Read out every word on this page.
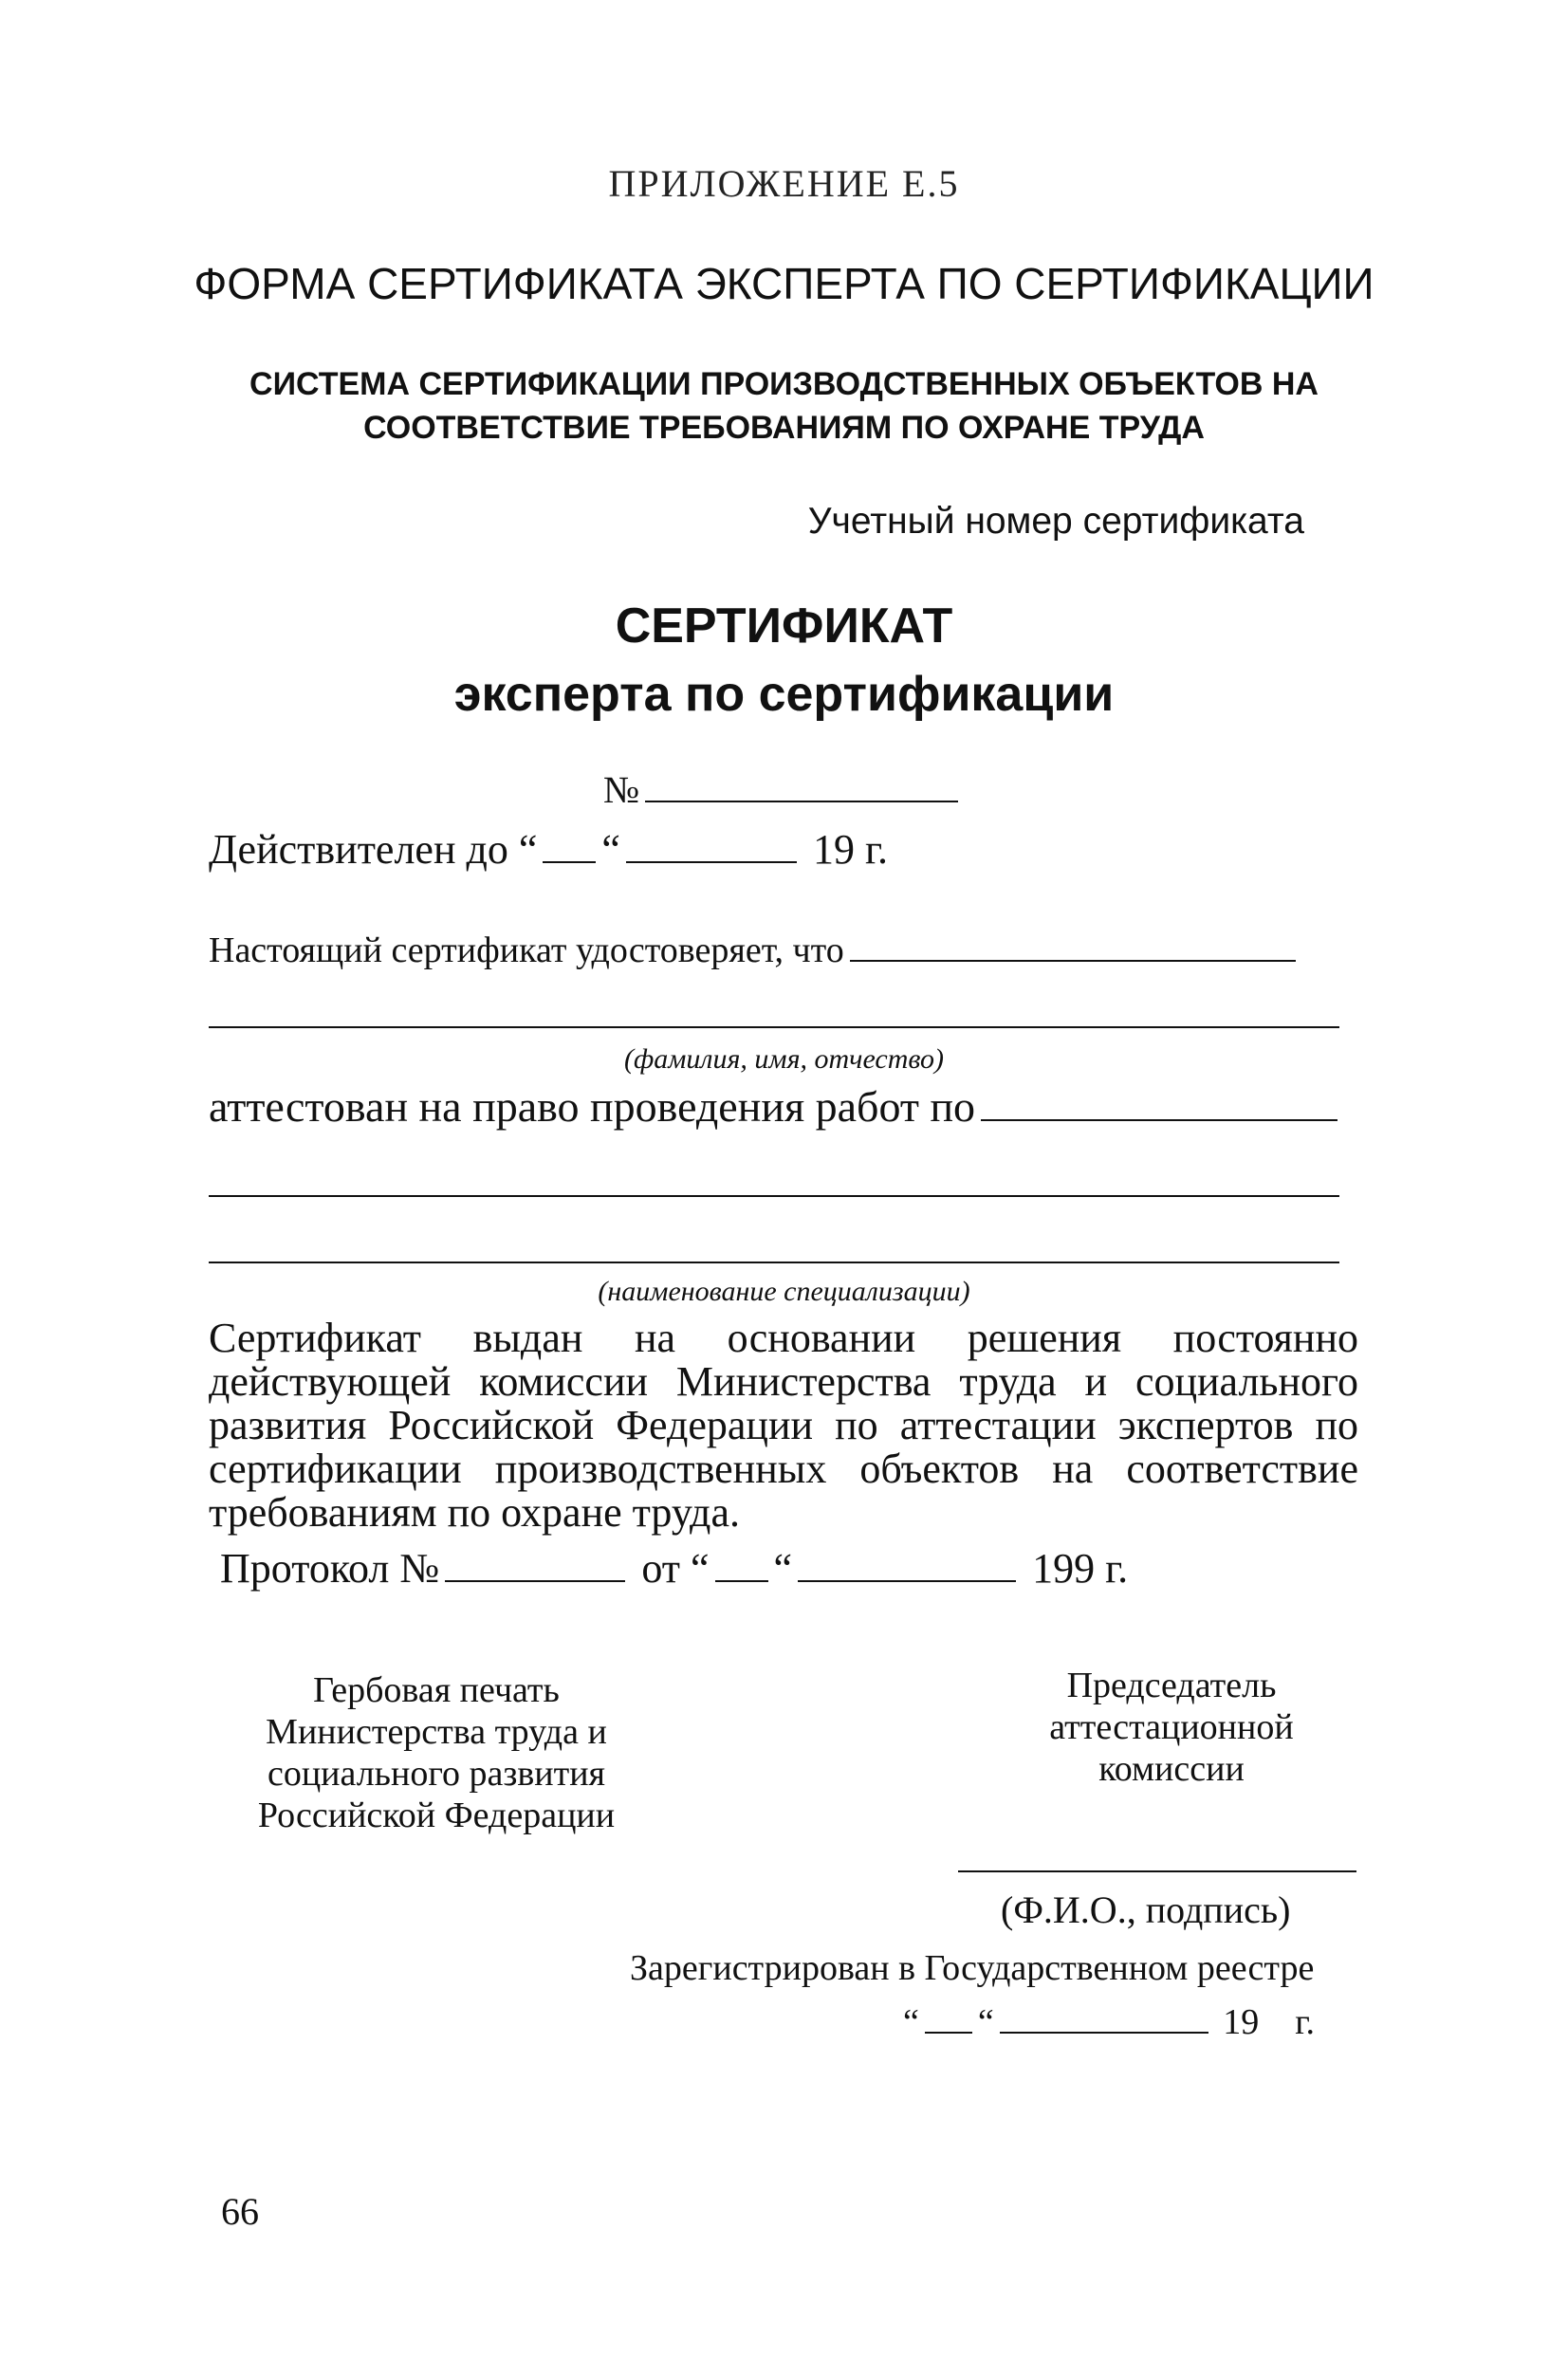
ПРИЛОЖЕНИЕ Е.5
ФОРМА СЕРТИФИКАТА ЭКСПЕРТА ПО СЕРТИФИКАЦИИ
СИСТЕМА СЕРТИФИКАЦИИ ПРОИЗВОДСТВЕННЫХ ОБЪЕКТОВ НА
СООТВЕТСТВИЕ ТРЕБОВАНИЯМ ПО ОХРАНЕ ТРУДА
Учетный номер сертификата
СЕРТИФИКАТ
эксперта по сертификации
№
Действителен до “ “	19 г.
Настоящий сертификат удостоверяет, что
(фамилия, имя, отчество)
аттестован на право проведения работ по
(наименование специализации)
Сертификат выдан на основании решения постоянно действующей комиссии Министерства труда и социального развития Российской Федерации по аттестации экспертов по сертификации производственных объектов на соответствие требованиям по охране труда.
Протокол №	от “ “	199 г.
Гербовая печать
Министерства труда и
социального развития
Российской Федерации
Председатель
аттестационной
комиссии
(Ф.И.О., подпись)
Зарегистрирован в Государственном реестре
“ “	19    г.
66
